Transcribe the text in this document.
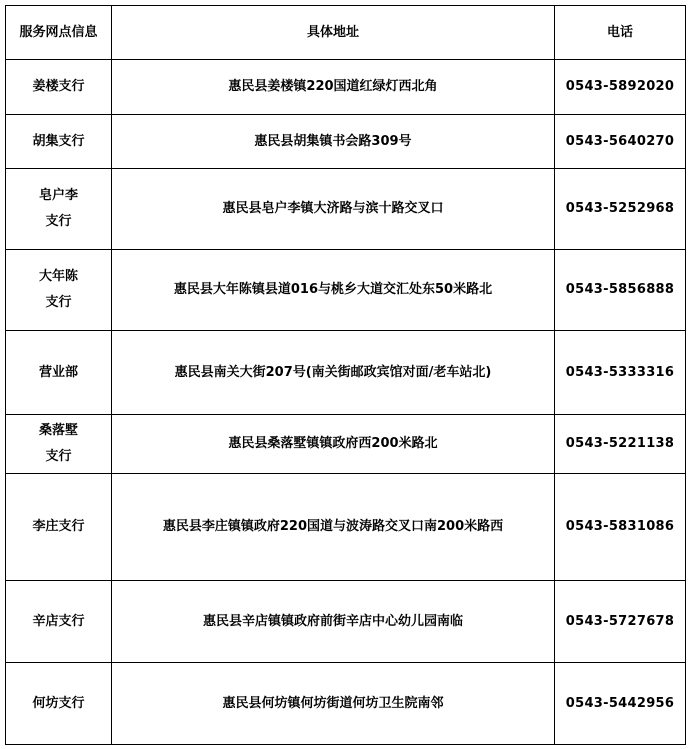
服务网点信息	具体地址	电话

姜楼支行	惠民县姜楼镇220国道红绿灯西北角	0543-5892020

胡集支行	惠民县胡集镇书会路309号	0543-5640270

皂户李
支行	惠民县皂户李镇大济路与滨十路交叉口	0543-5252968

大年陈
支行	惠民县大年陈镇县道016与桃乡大道交汇处东50米路北	0543-5856888

营业部	惠民县南关大街207号(南关街邮政宾馆对面/老车站北)	0543-5333316

桑落墅
支行	惠民县桑落墅镇镇政府西200米路北	0543-5221138

李庄支行	惠民县李庄镇镇政府220国道与波涛路交叉口南200米路西	0543-5831086

辛店支行	惠民县辛店镇镇政府前街辛店中心幼儿园南临	0543-5727678

何坊支行	惠民县何坊镇何坊街道何坊卫生院南邻	0543-5442956
